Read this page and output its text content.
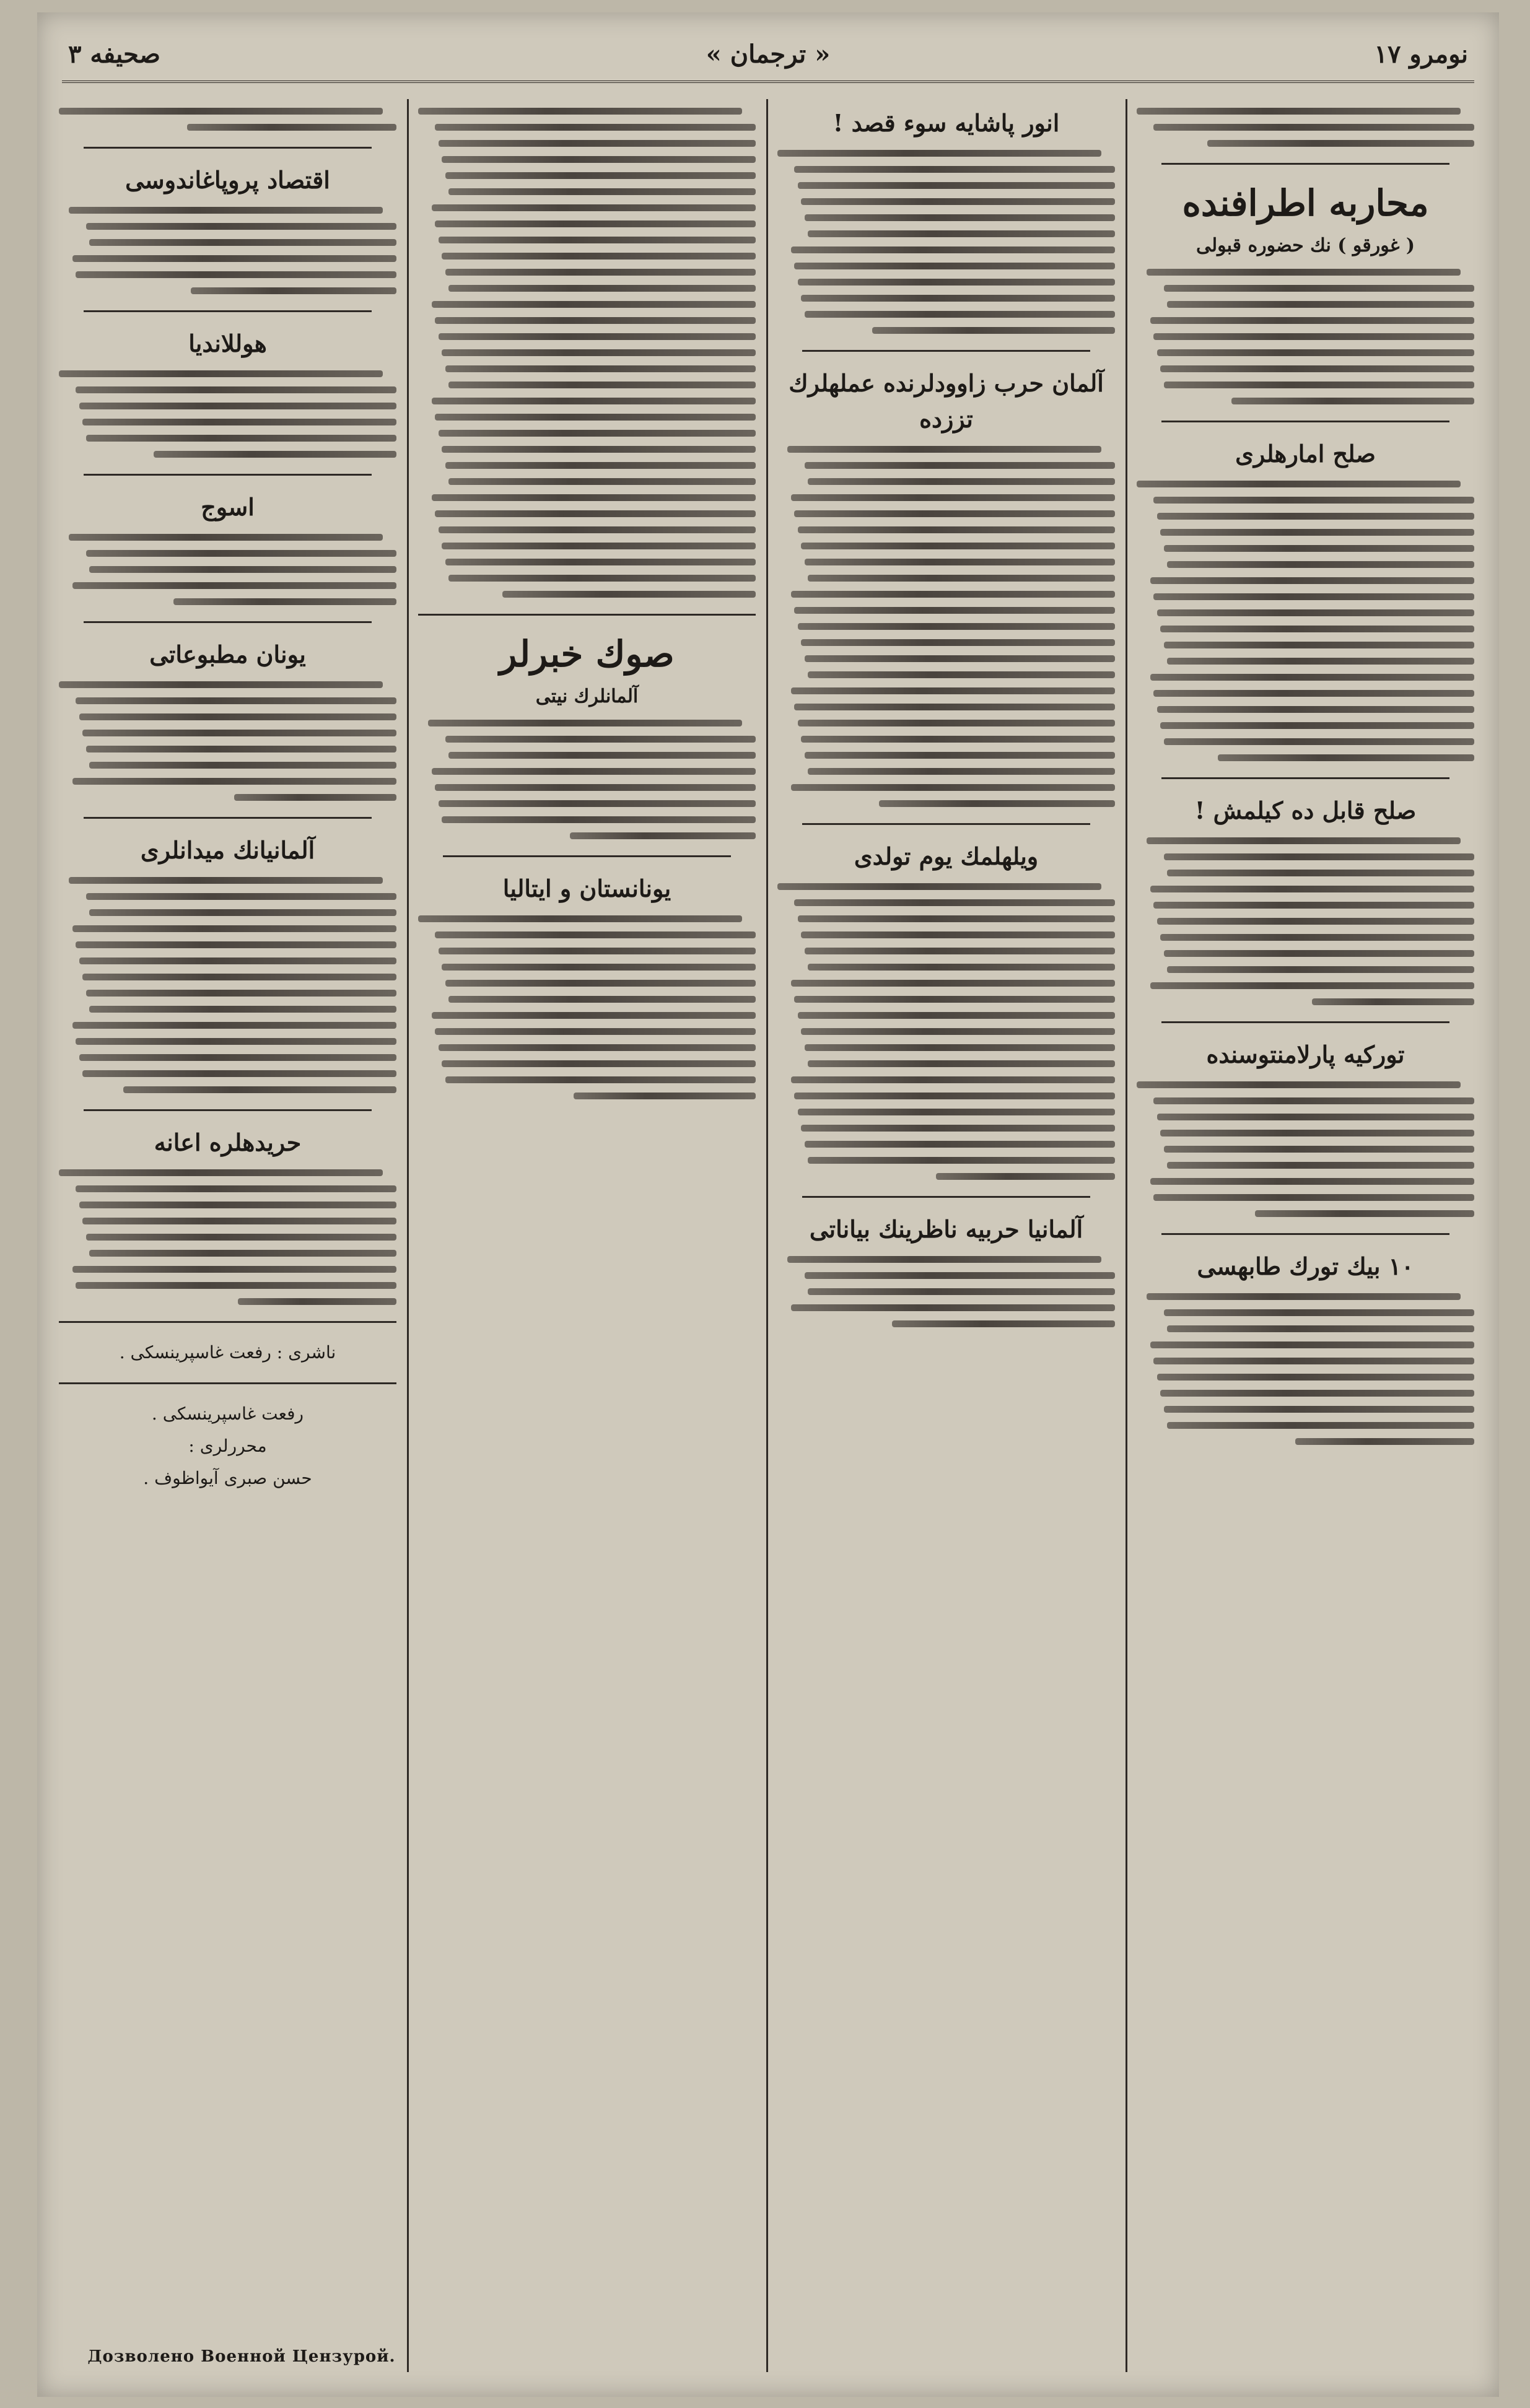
نومرو ١٧
« ترجمان »
صحیفه ٣
محاربه اطرافنده
( غورقو ) نك حضوره قبولی
صلح امارهلری
صلح قابل ده كيلمش !
توركيه پارلامنتوسنده
١٠ بيك تورك طابهسی
انور پاشایه سوء قصد !
آلمان حرب زاوودلرنده عملهلرك تززده
ويلهلمك يوم تولدی
آلمانيا حربيه ناظرينك بياناتی
صوك خبرلر
آلمانلرك نيتی
يونانستان و ايتاليا
اقتصاد پروپاغاندوسی
هوللانديا
اسوج
يونان مطبوعاتی
آلمانيانك ميدانلری
حريدهلره اعانه
ناشری : رفعت غاسپرينسكی .
رفعت غاسپرينسكی .
محررلری :
حسن صبری آيواظوف .
Дозволено Военной Цензурой.
